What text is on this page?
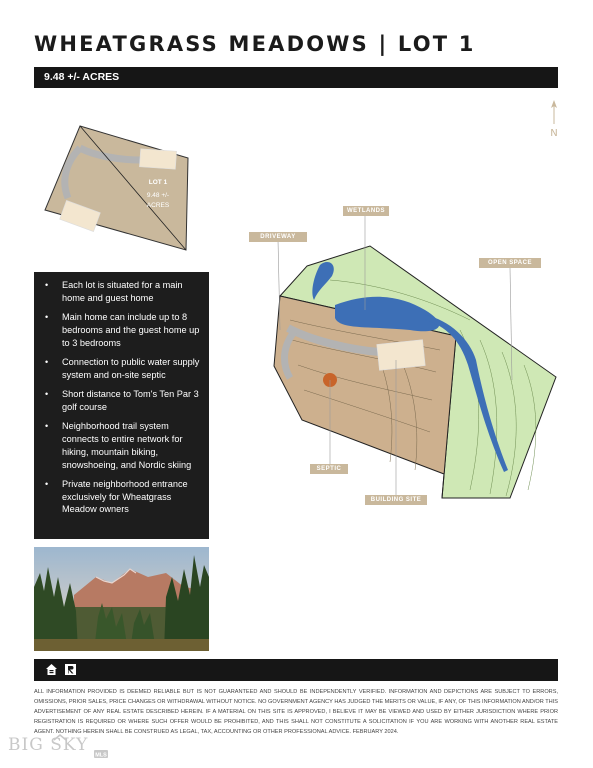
WHEATGRASS MEADOWS | LOT 1
9.48 +/- ACRES
N
LOT 1
9.48 +/-
ACRES
• Each lot is situated for a main home and guest home
• Main home can include up to 8 bedrooms and the guest home up to 3 bedrooms
• Connection to public water supply system and on-site septic
• Short distance to Tom's Ten Par 3 golf course
• Neighborhood trail system connects to entire network for hiking, mountain biking, snowshoeing, and Nordic skiing
• Private neighborhood entrance exclusively for Wheatgrass Meadow owners
DRIVEWAY
WETLANDS
OPEN SPACE
SEPTIC
BUILDING SITE

ALL INFORMATION PROVIDED IS DEEMED RELIABLE BUT IS NOT GUARANTEED AND SHOULD BE INDEPENDENTLY VERIFIED. INFORMATION AND DEPICTIONS ARE SUBJECT TO ERRORS, OMISSIONS, PRIOR SALES, PRICE CHANGES OR WITHDRAWAL WITHOUT NOTICE. NO GOVERNMENT AGENCY HAS JUDGED THE MERITS OR VALUE, IF ANY, OF THIS INFORMATION AND/OR THIS ADVERTISEMENT OF ANY REAL ESTATE DESCRIBED HEREIN. IF A MATERIAL ON THIS SITE IS APPROVED, I BELIEVE IT MAY BE VIEWED AND USED BY EITHER JURISDICTION WHERE PRIOR REGISTRATION IS REQUIRED OR WHERE SUCH OFFER WOULD BE PROHIBITED, AND THIS SHALL NOT CONSTITUTE A SOLICITATION IF YOU ARE WORKING WITH ANOTHER REAL ESTATE AGENT. NOTHING HEREIN SHALL BE CONSTRUED AS LEGAL, TAX, ACCOUNTING OR OTHER PROFESSIONAL ADVICE. FEBRUARY 2024.

BIG SKY
MLS
